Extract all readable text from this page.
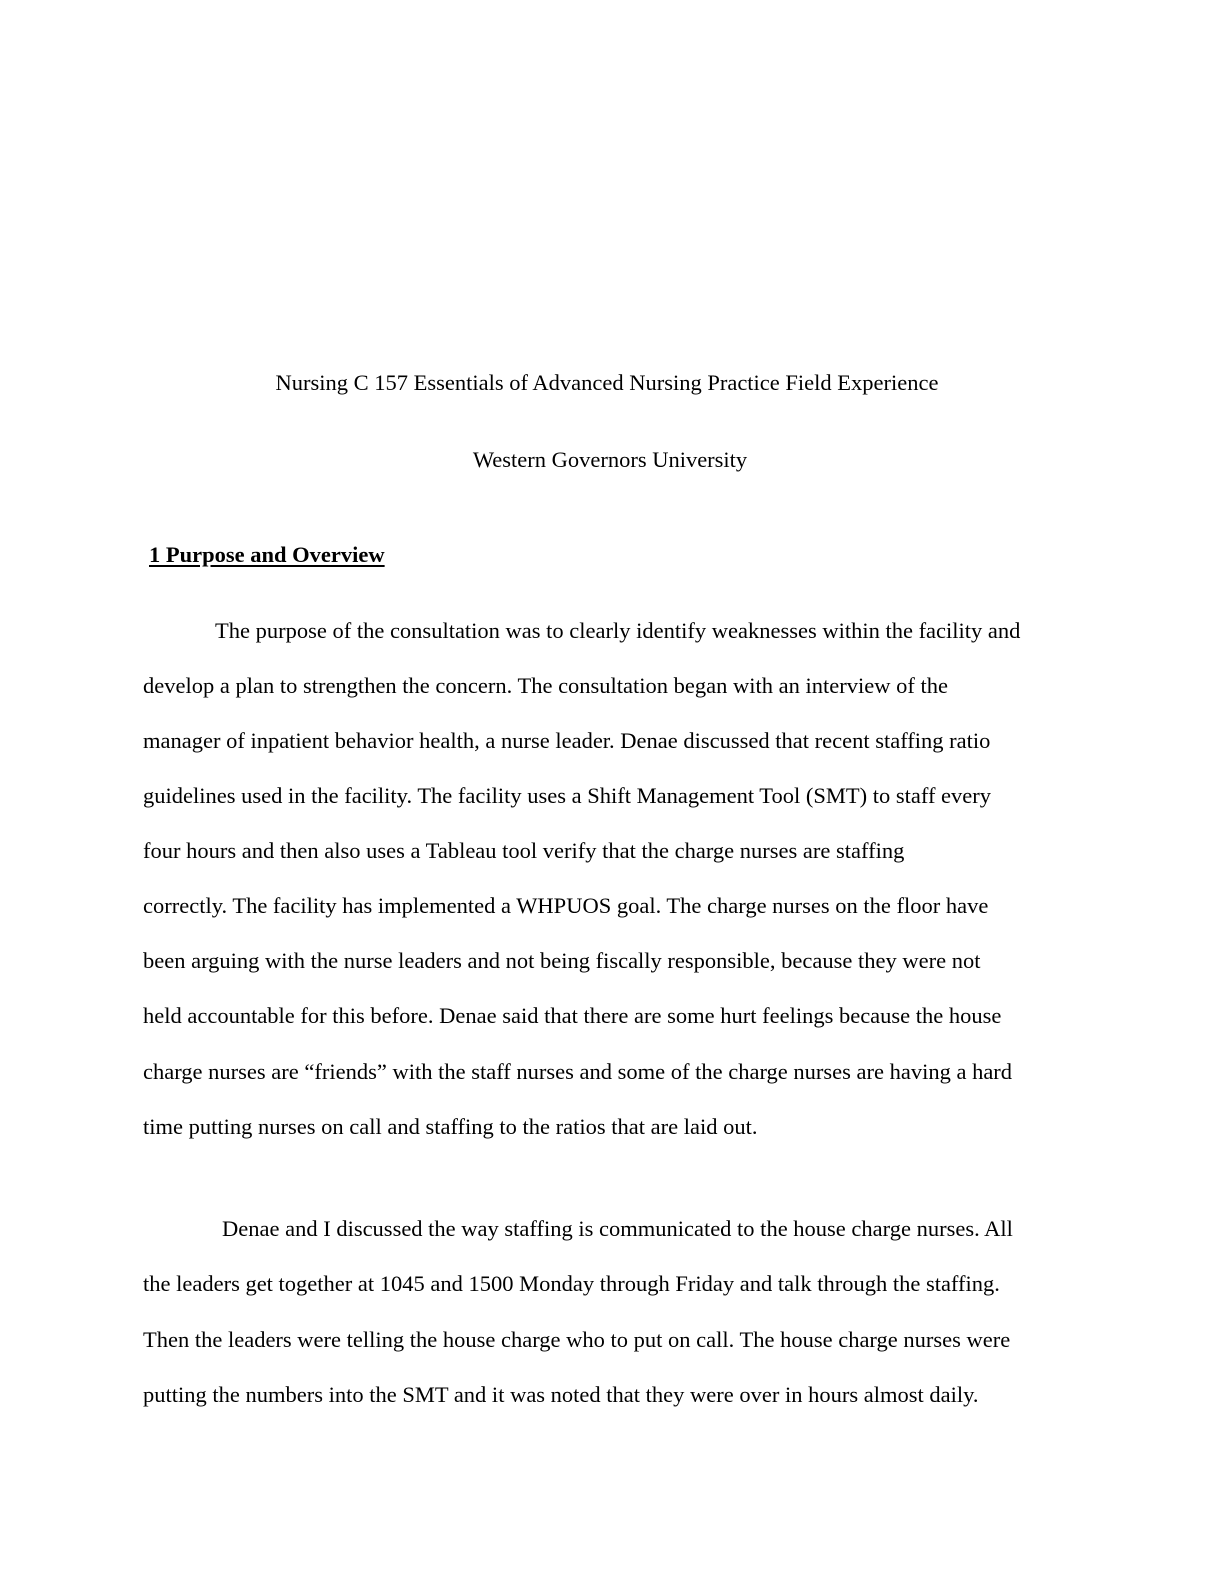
Nursing C 157 Essentials of Advanced Nursing Practice Field Experience
Western Governors University
1 Purpose and Overview
The purpose of the consultation was to clearly identify weaknesses within the facility and
develop a plan to strengthen the concern. The consultation began with an interview of the
manager of inpatient behavior health, a nurse leader. Denae discussed that recent staffing ratio
guidelines used in the facility. The facility uses a Shift Management Tool (SMT) to staff every
four hours and then also uses a Tableau tool verify that the charge nurses are staffing
correctly. The facility has implemented a WHPUOS goal. The charge nurses on the floor have
been arguing with the nurse leaders and not being fiscally responsible, because they were not
held accountable for this before. Denae said that there are some hurt feelings because the house
charge nurses are “friends” with the staff nurses and some of the charge nurses are having a hard
time putting nurses on call and staffing to the ratios that are laid out.
Denae and I discussed the way staffing is communicated to the house charge nurses. All
the leaders get together at 1045 and 1500 Monday through Friday and talk through the staffing.
Then the leaders were telling the house charge who to put on call. The house charge nurses were
putting the numbers into the SMT and it was noted that they were over in hours almost daily.
